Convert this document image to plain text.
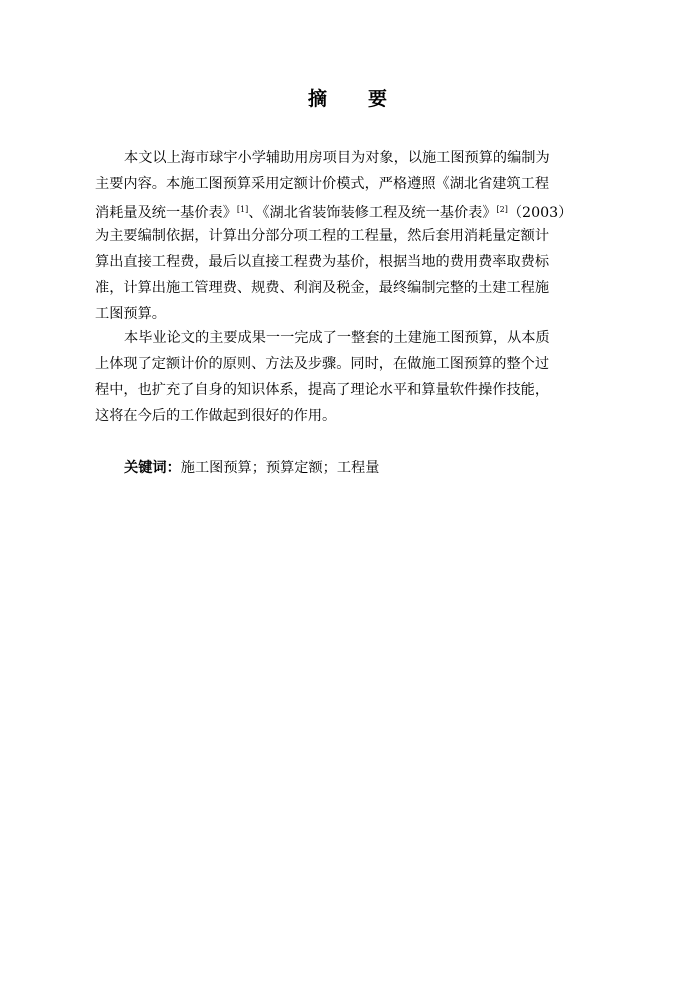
摘　　要
本文以上海市球宇小学辅助用房项目为对象，以施工图预算的编制为
主要内容。本施工图预算采用定额计价模式，严格遵照《湖北省建筑工程
消耗量及统一基价表》[1]、《湖北省装饰装修工程及统一基价表》[2]（2003）
为主要编制依据，计算出分部分项工程的工程量，然后套用消耗量定额计
算出直接工程费，最后以直接工程费为基价，根据当地的费用费率取费标
准，计算出施工管理费、规费、利润及税金，最终编制完整的土建工程施
工图预算。
本毕业论文的主要成果一一完成了一整套的土建施工图预算，从本质
上体现了定额计价的原则、方法及步骤。同时，在做施工图预算的整个过
程中，也扩充了自身的知识体系，提高了理论水平和算量软件操作技能，
这将在今后的工作做起到很好的作用。
关键词：施工图预算；预算定额；工程量
